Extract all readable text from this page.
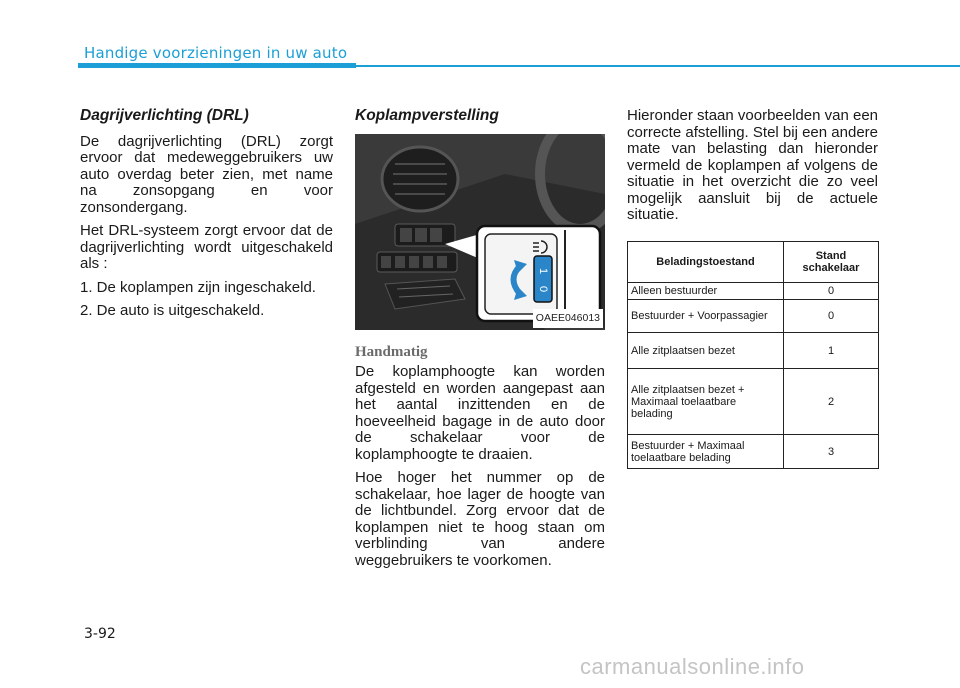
Handige voorzieningen in uw auto
Dagrijverlichting (DRL)

De dagrijverlichting (DRL) zorgt ervoor dat medeweggebruikers uw auto overdag beter zien, met name na zonsopgang en voor zonsondergang.

Het DRL-systeem zorgt ervoor dat de dagrijverlichting wordt uitgeschakeld als :

1. De koplampen zijn ingeschakeld.
2. De auto is uitgeschakeld.
Koplampverstelling
1
0
OAEE046013
Handmatig

De koplamphoogte kan worden afgesteld en worden aangepast aan het aantal inzittenden en de hoeveelheid bagage in de auto door de schakelaar voor de koplamphoogte te draaien.

Hoe hoger het nummer op de schakelaar, hoe lager de hoogte van de lichtbundel. Zorg ervoor dat de koplampen niet te hoog staan om verblinding van andere weggebruikers te voorkomen.

Hieronder staan voorbeelden van een correcte afstelling. Stel bij een andere mate van belasting dan hieronder vermeld de koplampen af volgens de situatie in het overzicht die zo veel mogelijk aansluit bij de actuele situatie.

Beladingstoestand	Stand schakelaar
Alleen bestuurder	0
Bestuurder + Voorpassagier	0
Alle zitplaatsen bezet	1
Alle zitplaatsen bezet + Maximaal toelaatbare belading	2
Bestuurder + Maximaal toelaatbare belading	3
3-92
carmanualsonline.info
